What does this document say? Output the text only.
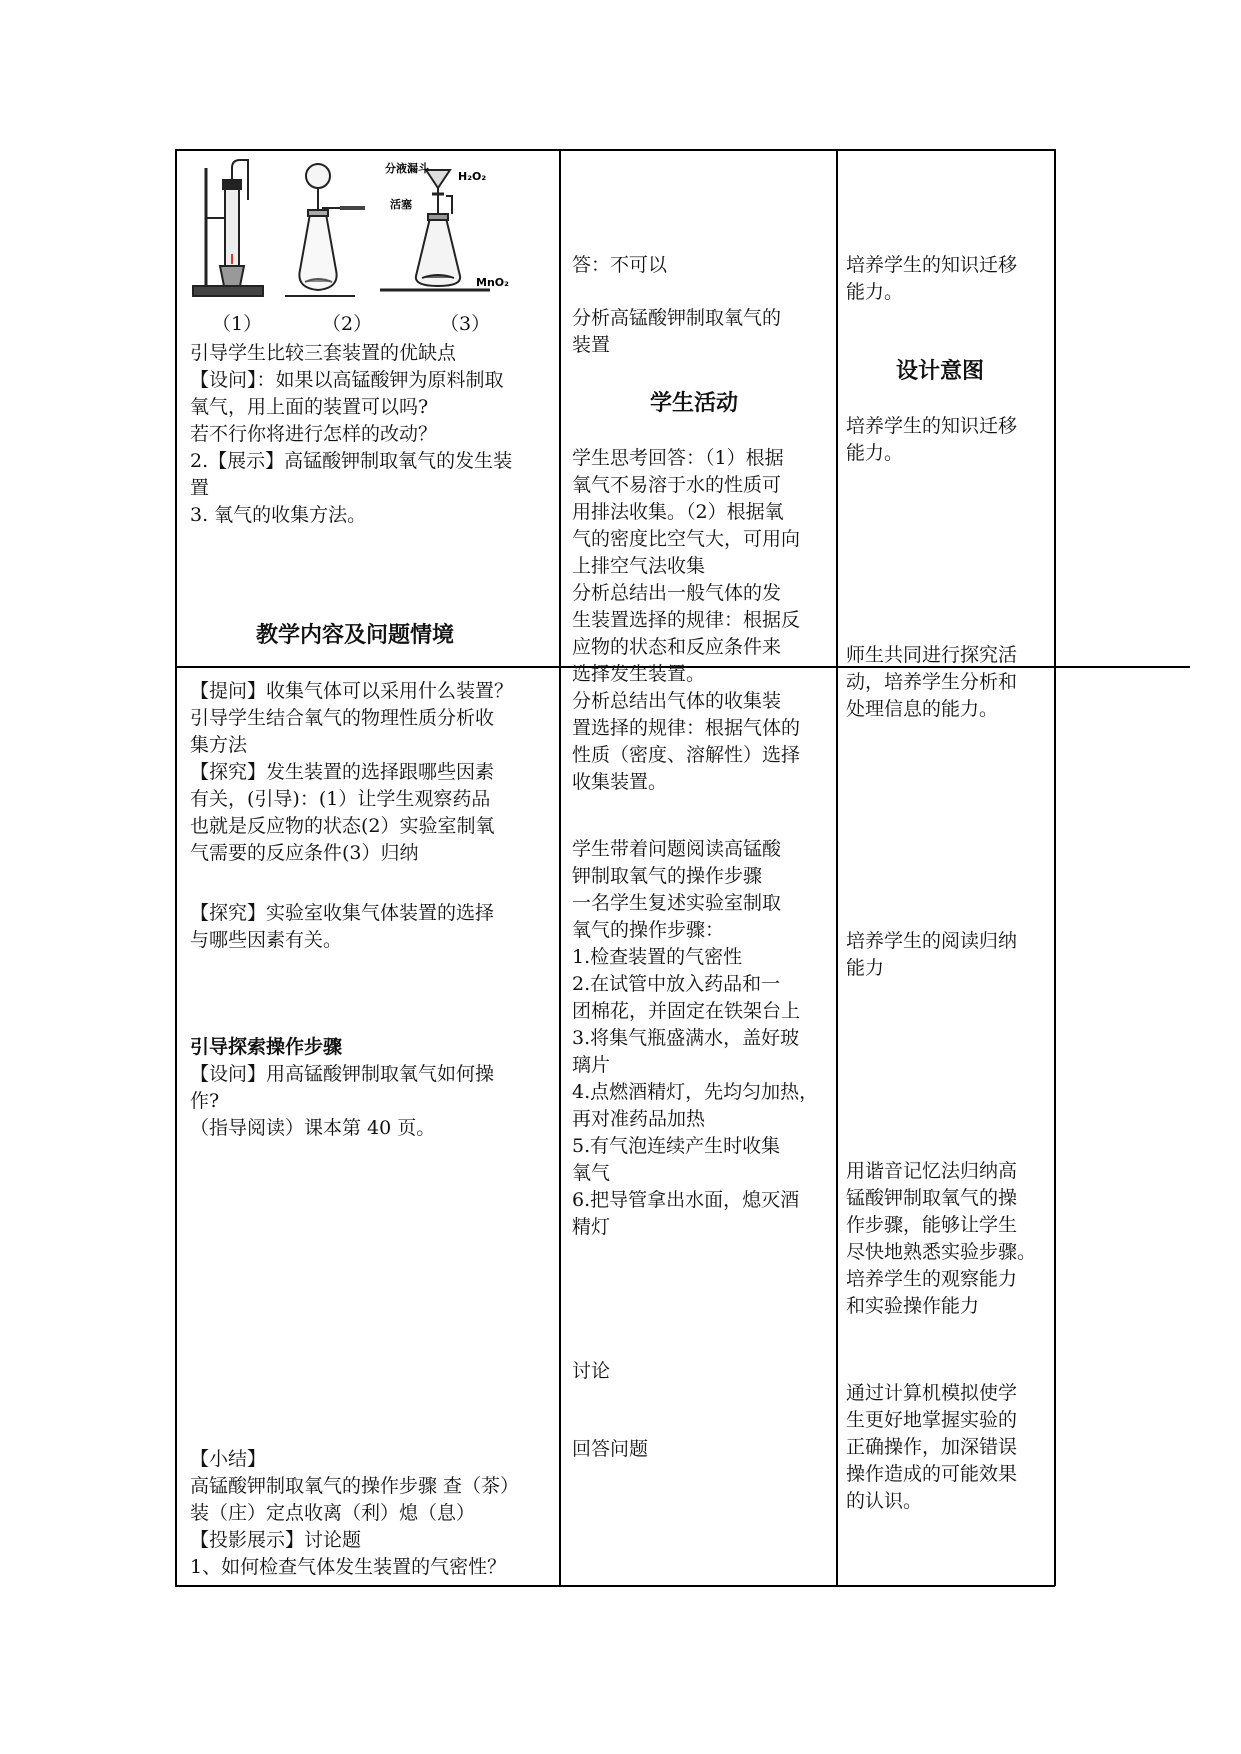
分液漏斗
H₂O₂
活塞
MnO₂
（1）	（2）	（3）
引导学生比较三套装置的优缺点
【设问】：如果以高锰酸钾为原料制取
氧气，用上面的装置可以吗?
若不行你将进行怎样的改动？
2.【展示】高锰酸钾制取氧气的发生装
置
3. 氧气的收集方法。
教学内容及问题情境
【提问】收集气体可以采用什么装置？
引导学生结合氧气的物理性质分析收
集方法
【探究】发生装置的选择跟哪些因素
有关，(引导)：(1）让学生观察药品
也就是反应物的状态(2）实验室制氧
气需要的反应条件(3）归纳
【探究】实验室收集气体装置的选择
与哪些因素有关。
引导探索操作步骤
【设问】用高锰酸钾制取氧气如何操
作?
（指导阅读）课本第 40 页。
【小结】
高锰酸钾制取氧气的操作步骤 查（茶）
装（庄）定点收离（利）熄（息）
【投影展示】讨论题
1、如何检查气体发生装置的气密性？
答：不可以
分析高锰酸钾制取氧气的
装置
学生活动
学生思考回答：（1）根据
氧气不易溶于水的性质可
用排法收集。（2）根据氧
气的密度比空气大，可用向
上排空气法收集
分析总结出一般气体的发
生装置选择的规律：根据反
应物的状态和反应条件来
选择发生装置。
分析总结出气体的收集装
置选择的规律：根据气体的
性质（密度、溶解性）选择
收集装置。
学生带着问题阅读高锰酸
钾制取氧气的操作步骤
一名学生复述实验室制取
氧气的操作步骤：
1.检查装置的气密性
2.在试管中放入药品和一
团棉花，并固定在铁架台上
3.将集气瓶盛满水，盖好玻
璃片
4.点燃酒精灯，先均匀加热，
再对准药品加热
5.有气泡连续产生时收集
氧气
6.把导管拿出水面，熄灭酒
精灯
讨论
回答问题
培养学生的知识迁移
能力。
设计意图
培养学生的知识迁移
能力。
师生共同进行探究活
动，培养学生分析和
处理信息的能力。
培养学生的阅读归纳
能力
用谐音记忆法归纳高
锰酸钾制取氧气的操
作步骤，能够让学生
尽快地熟悉实验步骤。
培养学生的观察能力
和实验操作能力
通过计算机模拟使学
生更好地掌握实验的
正确操作，加深错误
操作造成的可能效果
的认识。
